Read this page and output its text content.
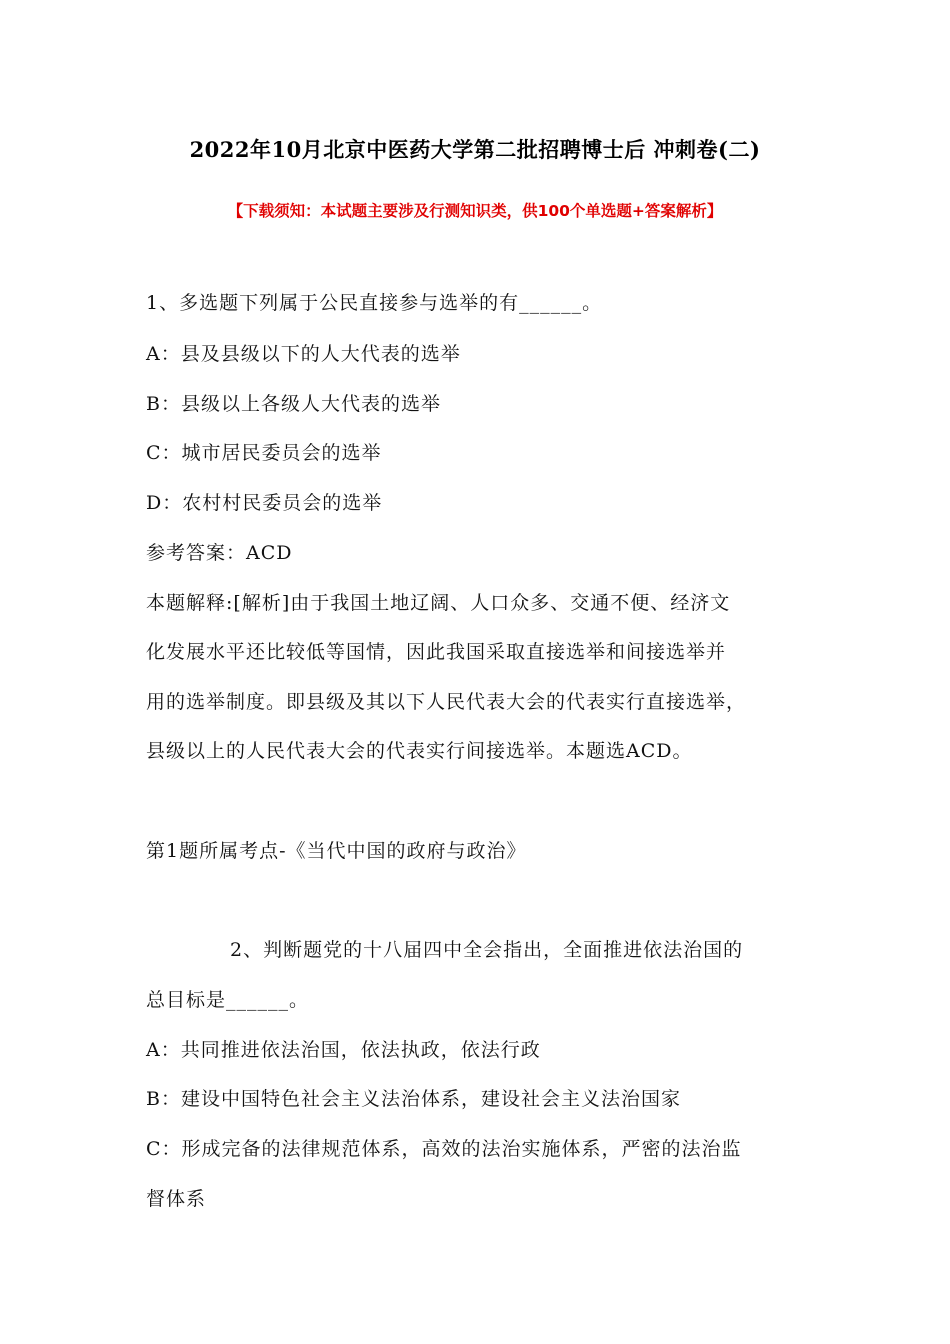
2022年10月北京中医药大学第二批招聘博士后 冲刺卷(二)
【下载须知：本试题主要涉及行测知识类，供100个单选题+答案解析】
1、多选题下列属于公民直接参与选举的有______。
A：县及县级以下的人大代表的选举
B：县级以上各级人大代表的选举
C：城市居民委员会的选举
D：农村村民委员会的选举
参考答案：ACD
本题解释:[解析]由于我国土地辽阔、人口众多、交通不便、经济文
化发展水平还比较低等国情，因此我国采取直接选举和间接选举并
用的选举制度。即县级及其以下人民代表大会的代表实行直接选举，
县级以上的人民代表大会的代表实行间接选举。本题选ACD。
第1题所属考点-《当代中国的政府与政治》
2、判断题党的十八届四中全会指出，全面推进依法治国的
总目标是______。
A：共同推进依法治国，依法执政，依法行政
B：建设中国特色社会主义法治体系，建设社会主义法治国家
C：形成完备的法律规范体系，高效的法治实施体系，严密的法治监
督体系
